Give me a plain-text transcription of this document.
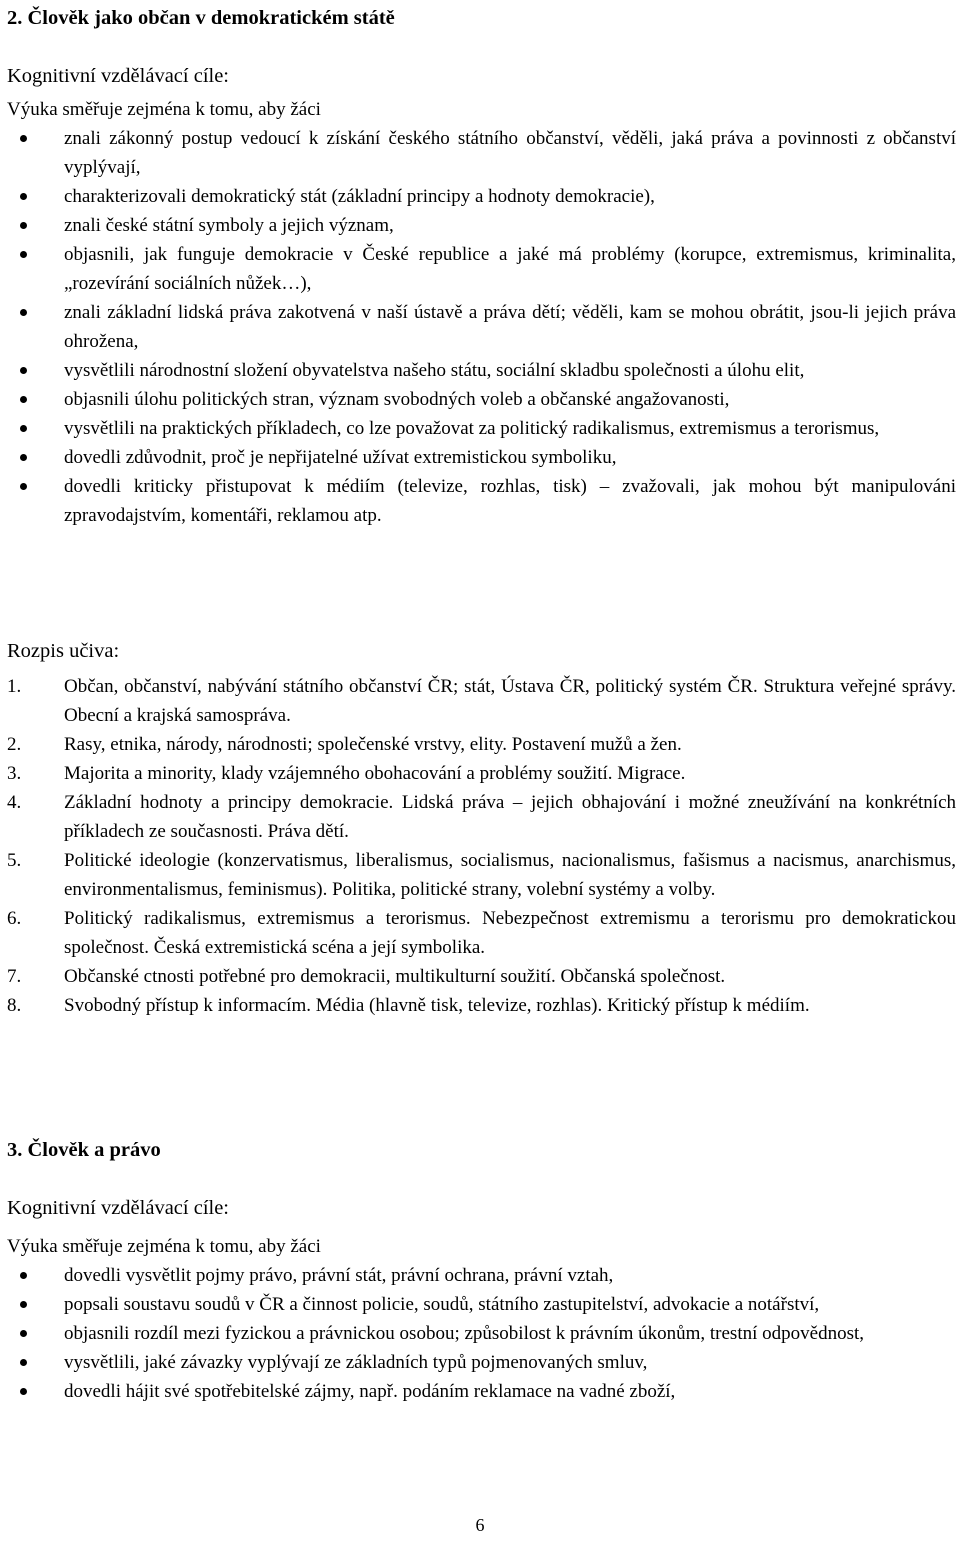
2. Člověk jako občan v demokratickém státě
Kognitivní vzdělávací cíle:
Výuka směřuje zejména k tomu, aby žáci
znali zákonný postup vedoucí k získání českého státního občanství, věděli, jaká práva a povinnosti z občanství vyplývají,
charakterizovali demokratický stát (základní principy a hodnoty demokracie),
znali české státní symboly a jejich význam,
objasnili, jak funguje demokracie v České republice a jaké má problémy (korupce, extremismus, kriminalita, „rozevírání sociálních nůžek…),
znali základní lidská práva zakotvená v naší ústavě a práva dětí; věděli, kam se mohou obrátit, jsou-li jejich práva ohrožena,
vysvětlili národnostní složení obyvatelstva našeho státu, sociální skladbu společnosti a úlohu elit,
objasnili úlohu politických stran, význam svobodných voleb a občanské angažovanosti,
vysvětlili na praktických příkladech, co lze považovat za politický radikalismus, extremismus a terorismus,
dovedli zdůvodnit, proč je nepřijatelné užívat extremistickou symboliku,
dovedli kriticky přistupovat k médiím (televize, rozhlas, tisk) – zvažovali, jak mohou být manipulováni zpravodajstvím, komentáři, reklamou atp.
Rozpis učiva:
1. Občan, občanství, nabývání státního občanství ČR; stát, Ústava ČR, politický systém ČR. Struktura veřejné správy. Obecní a krajská samospráva.
2. Rasy, etnika, národy, národnosti; společenské vrstvy, elity. Postavení mužů a žen.
3. Majorita a minority, klady vzájemného obohacování a problémy soužití. Migrace.
4. Základní hodnoty a principy demokracie. Lidská práva – jejich obhajování i možné zneužívání na konkrétních příkladech ze současnosti. Práva dětí.
5. Politické ideologie (konzervatismus, liberalismus, socialismus, nacionalismus, fašismus a nacismus, anarchismus, environmentalismus, feminismus). Politika, politické strany, volební systémy a volby.
6. Politický radikalismus, extremismus a terorismus. Nebezpečnost extremismu a terorismu pro demokratickou společnost. Česká extremistická scéna a její symbolika.
7. Občanské ctnosti potřebné pro demokracii, multikulturní soužití. Občanská společnost.
8. Svobodný přístup k informacím. Média (hlavně tisk, televize, rozhlas). Kritický přístup k médiím.
3. Člověk a právo
Kognitivní vzdělávací cíle:
Výuka směřuje zejména k tomu, aby žáci
dovedli vysvětlit pojmy právo, právní stát, právní ochrana, právní vztah,
popsali soustavu soudů v ČR a činnost policie, soudů, státního zastupitelství, advokacie a notářství,
objasnili rozdíl mezi fyzickou a právnickou osobou; způsobilost k právním úkonům, trestní odpovědnost,
vysvětlili, jaké závazky vyplývají ze základních typů pojmenovaných smluv,
dovedli hájit své spotřebitelské zájmy, např. podáním reklamace na vadné zboží,
6
